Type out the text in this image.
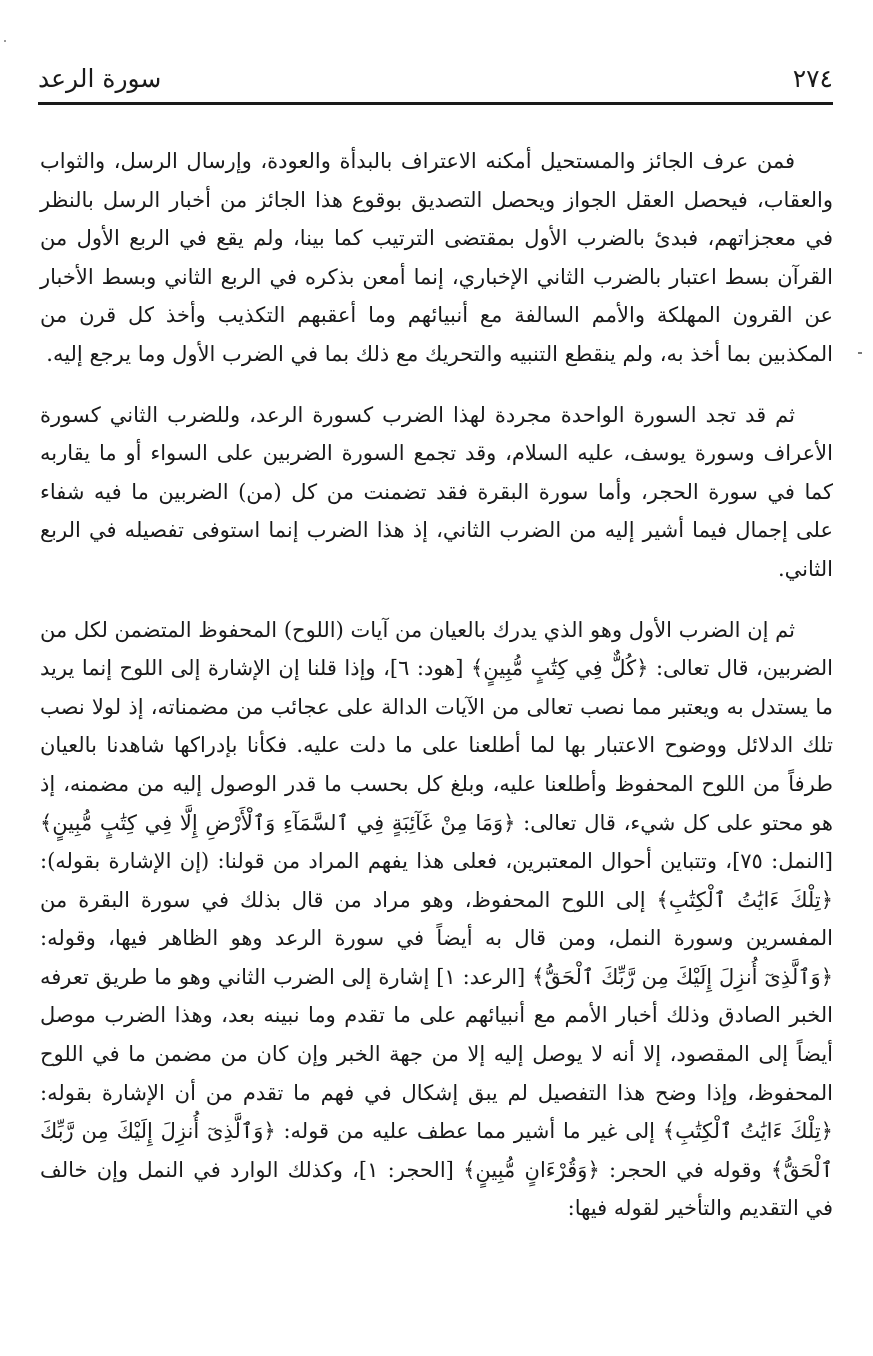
٢٧٤
سورة الرعد

فمن عرف الجائز والمستحيل أمكنه الاعتراف بالبدأة والعودة، وإرسال الرسل، والثواب والعقاب، فيحصل العقل الجواز ويحصل التصديق بوقوع هذا الجائز من أخبار الرسل بالنظر في معجزاتهم، فبدئ بالضرب الأول بمقتضى الترتيب كما بينا، ولم يقع في الربع الأول من القرآن بسط اعتبار بالضرب الثاني الإخباري، إنما أمعن بذكره في الربع الثاني وبسط الأخبار عن القرون المهلكة والأمم السالفة مع أنبيائهم وما أعقبهم التكذيب وأخذ كل قرن من المكذبين بما أخذ به، ولم ينقطع التنبيه والتحريك مع ذلك بما في الضرب الأول وما يرجع إليه.

ثم قد تجد السورة الواحدة مجردة لهذا الضرب كسورة الرعد، وللضرب الثاني كسورة الأعراف وسورة يوسف، عليه السلام، وقد تجمع السورة الضربين على السواء أو ما يقاربه كما في سورة الحجر، وأما سورة البقرة فقد تضمنت من كل (من) الضربين ما فيه شفاء على إجمال فيما أشير إليه من الضرب الثاني، إذ هذا الضرب إنما استوفى تفصيله في الربع الثاني.

ثم إن الضرب الأول وهو الذي يدرك بالعيان من آيات (اللوح) المحفوظ المتضمن لكل من الضربين، قال تعالى: ﴿كُلٌّ فِي كِتَٰبٍ مُّبِينٍ﴾ [هود: ٦]، وإذا قلنا إن الإشارة إلى اللوح إنما يريد ما يستدل به ويعتبر مما نصب تعالى من الآيات الدالة على عجائب من مضمناته، إذ لولا نصب تلك الدلائل ووضوح الاعتبار بها لما أطلعنا على ما دلت عليه. فكأنا بإدراكها شاهدنا بالعيان طرفاً من اللوح المحفوظ وأطلعنا عليه، وبلغ كل بحسب ما قدر الوصول إليه من مضمنه، إذ هو محتو على كل شيء، قال تعالى: ﴿وَمَا مِنْ غَآئِبَةٍ فِي ٱلسَّمَآءِ وَٱلْأَرْضِ إِلَّا فِي كِتَٰبٍ مُّبِينٍ﴾ [النمل: ٧٥]، وتتباين أحوال المعتبرين، فعلى هذا يفهم المراد من قولنا: (إن الإشارة بقوله): ﴿تِلْكَ ءَايَٰتُ ٱلْكِتَٰبِ﴾ إلى اللوح المحفوظ، وهو مراد من قال بذلك في سورة البقرة من المفسرين وسورة النمل، ومن قال به أيضاً في سورة الرعد وهو الظاهر فيها، وقوله: ﴿وَٱلَّذِىٓ أُنزِلَ إِلَيْكَ مِن رَّبِّكَ ٱلْحَقُّ﴾ [الرعد: ١] إشارة إلى الضرب الثاني وهو ما طريق تعرفه الخبر الصادق وذلك أخبار الأمم مع أنبيائهم على ما تقدم وما نبينه بعد، وهذا الضرب موصل أيضاً إلى المقصود، إلا أنه لا يوصل إليه إلا من جهة الخبر وإن كان من مضمن ما في اللوح المحفوظ، وإذا وضح هذا التفصيل لم يبق إشكال في فهم ما تقدم من أن الإشارة بقوله: ﴿تِلْكَ ءَايَٰتُ ٱلْكِتَٰبِ﴾ إلى غير ما أشير مما عطف عليه من قوله: ﴿وَٱلَّذِىٓ أُنزِلَ إِلَيْكَ مِن رَّبِّكَ ٱلْحَقُّ﴾ وقوله في الحجر: ﴿وَقُرْءَانٍ مُّبِينٍ﴾ [الحجر: ١]، وكذلك الوارد في النمل وإن خالف في التقديم والتأخير لقوله فيها:
